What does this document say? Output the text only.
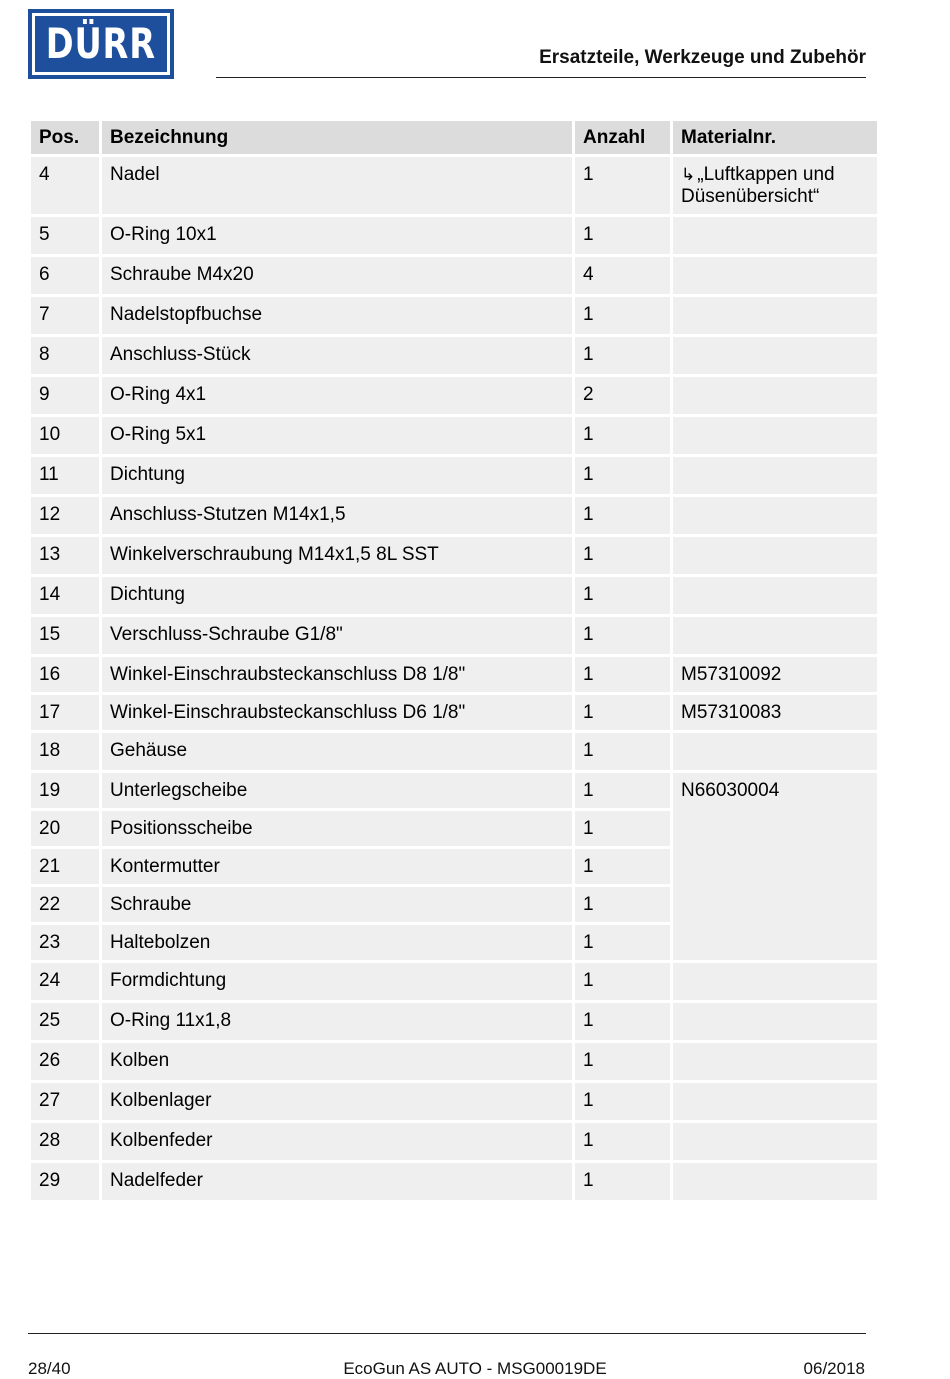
DÜRR	Ersatzteile, Werkzeuge und Zubehör
Pos.	Bezeichnung	Anzahl	Materialnr.
4	Nadel	1	↳ „Luftkappen und Düsenübersicht“
5	O-Ring 10x1	1	
6	Schraube M4x20	4	
7	Nadelstopfbuchse	1	
8	Anschluss-Stück	1	
9	O-Ring 4x1	2	
10	O-Ring 5x1	1	
11	Dichtung	1	
12	Anschluss-Stutzen M14x1,5	1	
13	Winkelverschraubung M14x1,5 8L SST	1	
14	Dichtung	1	
15	Verschluss-Schraube G1/8"	1	
16	Winkel-Einschraubsteckanschluss D8 1/8"	1	M57310092
17	Winkel-Einschraubsteckanschluss D6 1/8"	1	M57310083
18	Gehäuse	1	
19	Unterlegscheibe	1	N66030004
20	Positionsscheibe	1	
21	Kontermutter	1	
22	Schraube	1	
23	Haltebolzen	1	
24	Formdichtung	1	
25	O-Ring 11x1,8	1	
26	Kolben	1	
27	Kolbenlager	1	
28	Kolbenfeder	1	
29	Nadelfeder	1	
28/40	EcoGun AS AUTO - MSG00019DE	06/2018
